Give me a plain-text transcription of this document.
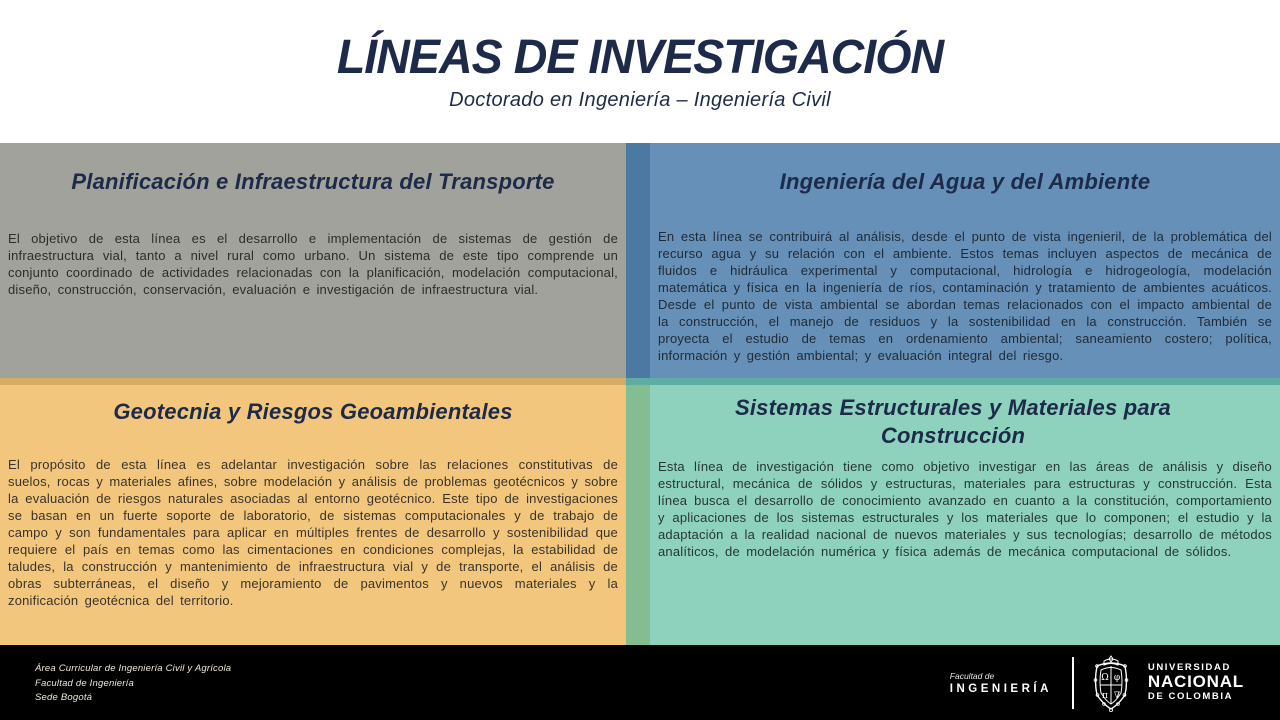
LÍNEAS DE INVESTIGACIÓN
Doctorado en Ingeniería – Ingeniería Civil
Planificación e Infraestructura del Transporte

El objetivo de esta línea es el desarrollo e implementación de sistemas de gestión de infraestructura vial, tanto a nivel rural como urbano. Un sistema de este tipo comprende un conjunto coordinado de actividades relacionadas con la planificación, modelación computacional, diseño, construcción, conservación, evaluación e investigación de infraestructura vial.

Ingeniería del Agua y del Ambiente

En esta línea se contribuirá al análisis, desde el punto de vista ingenieril, de la problemática del recurso agua y su relación con el ambiente. Estos temas incluyen aspectos de mecánica de fluidos e hidráulica experimental y computacional, hidrología e hidrogeología, modelación matemática y física en la ingeniería de ríos, contaminación y tratamiento de ambientes acuáticos. Desde el punto de vista ambiental se abordan temas relacionados con el impacto ambiental de la construcción, el manejo de residuos y la sostenibilidad en la construcción. También se proyecta el estudio de temas en ordenamiento ambiental; saneamiento costero; política, información y gestión ambiental; y evaluación integral del riesgo.

Geotecnia y Riesgos Geoambientales

El propósito de esta línea es adelantar investigación sobre las relaciones constitutivas de suelos, rocas y materiales afines, sobre modelación y análisis de problemas geotécnicos y sobre la evaluación de riesgos naturales asociadas al entorno geotécnico. Este tipo de investigaciones se basan en un fuerte soporte de laboratorio, de sistemas computacionales y de trabajo de campo y son fundamentales para aplicar en múltiples frentes de desarrollo y sostenibilidad que requiere el país en temas como las cimentaciones en condiciones complejas, la estabilidad de taludes, la construcción y mantenimiento de infraestructura vial y de transporte, el análisis de obras subterráneas, el diseño y mejoramiento de pavimentos y nuevos materiales y la zonificación geotécnica del territorio.

Sistemas Estructurales y Materiales para Construcción

Esta línea de investigación tiene como objetivo investigar en las áreas de análisis y diseño estructural, mecánica de sólidos y estructuras, materiales para estructuras y construcción. Esta línea busca el desarrollo de conocimiento avanzado en cuanto a la constitución, comportamiento y aplicaciones de los sistemas estructurales y los materiales que lo componen; el estudio y la adaptación a la realidad nacional de nuevos materiales y sus tecnologías; desarrollo de métodos analíticos, de modelación numérica y física además de mecánica computacional de sólidos.

Área Curricular de Ingeniería Civil y Agrícola
Facultad de Ingeniería
Sede Bogotá
Facultad de
INGENIERÍA
Ω φ
π ∇
UNIVERSIDAD
NACIONAL
DE COLOMBIA
